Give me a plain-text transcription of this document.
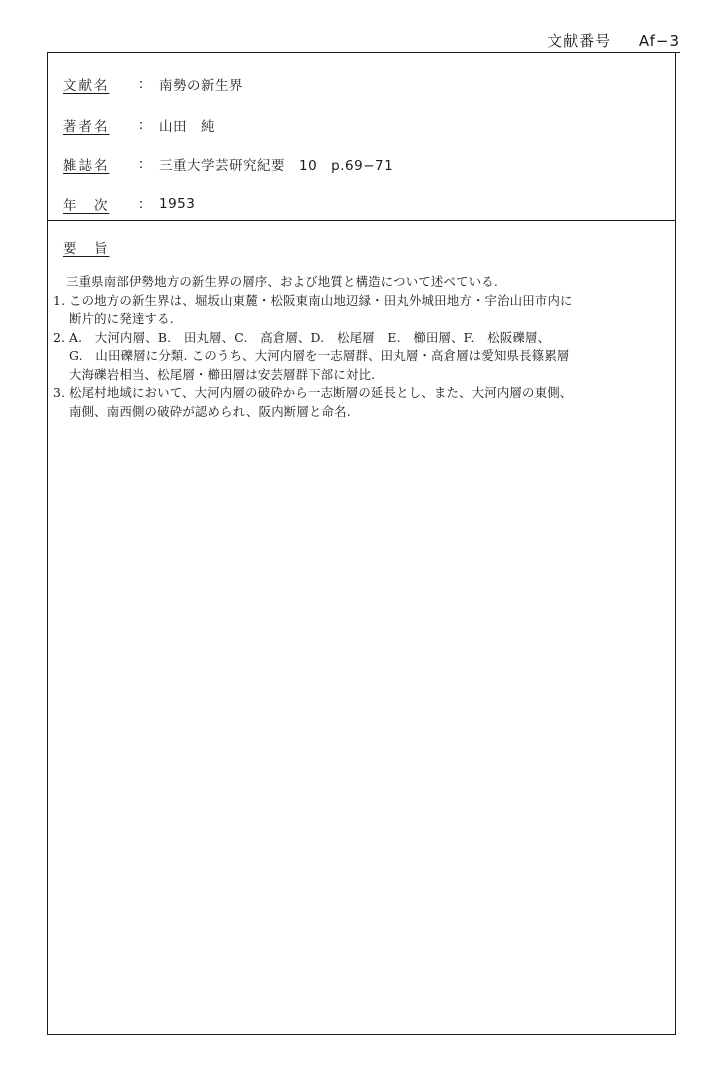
文献番号 Af−3
文献名	:	南勢の新生界
著者名	:	山田　純
雑誌名	:	三重大学芸研究紀要　10　p.69−71
年　次	:	1953
要　旨

三重県南部伊勢地方の新生界の層序、および地質と構造について述べている.

1. この地方の新生界は、堀坂山東麓・松阪東南山地辺縁・田丸外城田地方・宇治山田市内に
断片的に発達する.
2. A.　大河内層、B.　田丸層、C.　高倉層、D.　松尾層　E.　櫛田層、F.　松阪礫層、
G.　山田礫層に分類. このうち、大河内層を一志層群、田丸層・高倉層は愛知県長篠累層
大海礫岩相当、松尾層・櫛田層は安芸層群下部に対比.
3. 松尾村地域において、大河内層の破砕から一志断層の延長とし、また、大河内層の東側、
南側、南西側の破砕が認められ、阪内断層と命名.
